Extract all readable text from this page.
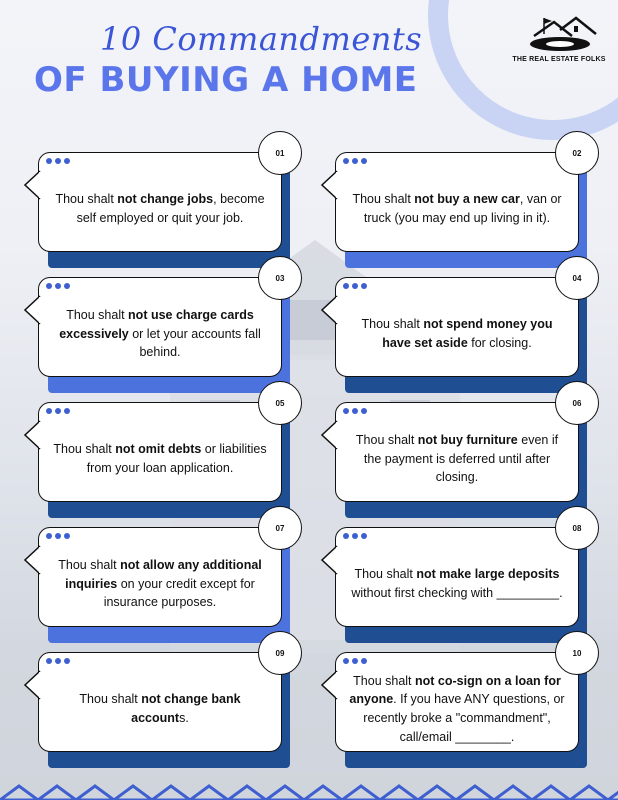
10 Commandments
OF BUYING A HOME
THE REAL ESTATE FOLKS
01
Thou shalt not change jobs, become self employed or quit your job.
02
Thou shalt not buy a new car, van or truck (you may end up living in it).
03
Thou shalt not use charge cards excessively or let your accounts fall behind.
04
Thou shalt not spend money you have set aside for closing.
05
Thou shalt not omit debts or liabilities from your loan application.
06
Thou shalt not buy furniture even if the payment is deferred until after closing.
07
Thou shalt not allow any additional inquiries on your credit except for insurance purposes.
08
Thou shalt not make large deposits without first checking with _________.
09
Thou shalt not change bank accounts.
10
Thou shalt not co-sign on a loan for anyone. If you have ANY questions, or recently broke a "commandment", call/email ________.
